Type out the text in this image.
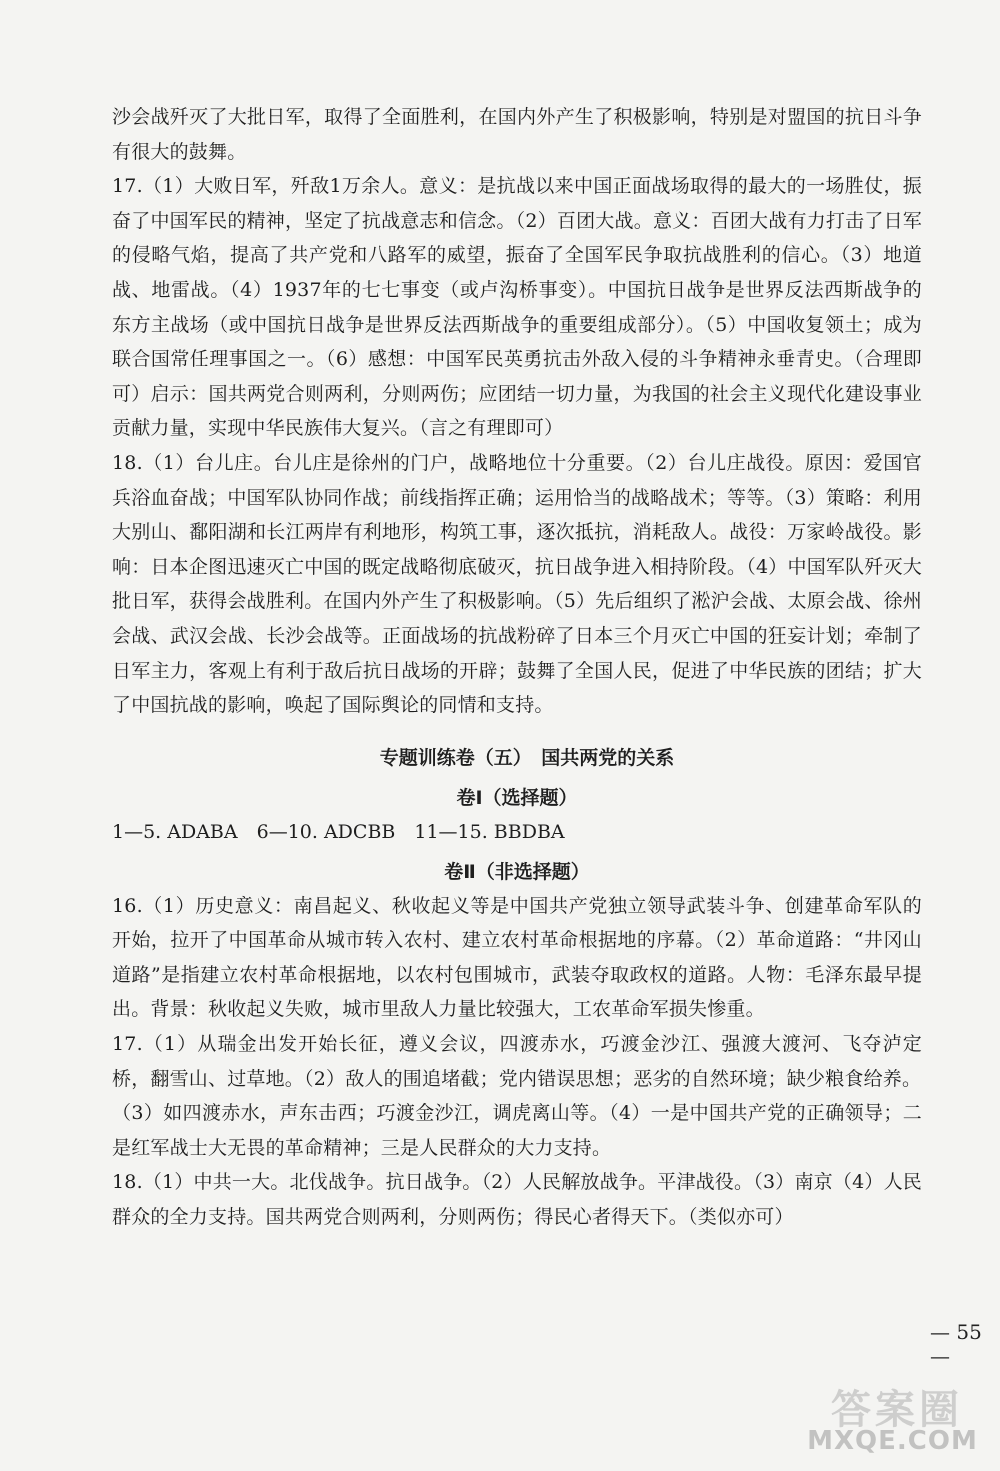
沙会战歼灭了大批日军，取得了全面胜利，在国内外产生了积极影响，特别是对盟国的抗日斗争有很大的鼓舞。

17.（1）大败日军，歼敌1万余人。意义：是抗战以来中国正面战场取得的最大的一场胜仗，振奋了中国军民的精神，坚定了抗战意志和信念。（2）百团大战。意义：百团大战有力打击了日军的侵略气焰，提高了共产党和八路军的威望，振奋了全国军民争取抗战胜利的信心。（3）地道战、地雷战。（4）1937年的七七事变（或卢沟桥事变）。中国抗日战争是世界反法西斯战争的东方主战场（或中国抗日战争是世界反法西斯战争的重要组成部分）。（5）中国收复领土；成为联合国常任理事国之一。（6）感想：中国军民英勇抗击外敌入侵的斗争精神永垂青史。（合理即可）启示：国共两党合则两利，分则两伤；应团结一切力量，为我国的社会主义现代化建设事业贡献力量，实现中华民族伟大复兴。（言之有理即可）

18.（1）台儿庄。台儿庄是徐州的门户，战略地位十分重要。（2）台儿庄战役。原因：爱国官兵浴血奋战；中国军队协同作战；前线指挥正确；运用恰当的战略战术；等等。（3）策略：利用大别山、鄱阳湖和长江两岸有利地形，构筑工事，逐次抵抗，消耗敌人。战役：万家岭战役。影响：日本企图迅速灭亡中国的既定战略彻底破灭，抗日战争进入相持阶段。（4）中国军队歼灭大批日军，获得会战胜利。在国内外产生了积极影响。（5）先后组织了淞沪会战、太原会战、徐州会战、武汉会战、长沙会战等。正面战场的抗战粉碎了日本三个月灭亡中国的狂妄计划；牵制了日军主力，客观上有利于敌后抗日战场的开辟；鼓舞了全国人民，促进了中华民族的团结；扩大了中国抗战的影响，唤起了国际舆论的同情和支持。

专题训练卷（五）　国共两党的关系
卷Ⅰ（选择题）

1—5. ADABA　6—10. ADCBB　11—15. BBDBA

卷Ⅱ（非选择题）

16.（1）历史意义：南昌起义、秋收起义等是中国共产党独立领导武装斗争、创建革命军队的开始，拉开了中国革命从城市转入农村、建立农村革命根据地的序幕。（2）革命道路：“井冈山道路”是指建立农村革命根据地，以农村包围城市，武装夺取政权的道路。人物：毛泽东最早提出。背景：秋收起义失败，城市里敌人力量比较强大，工农革命军损失惨重。

17.（1）从瑞金出发开始长征，遵义会议，四渡赤水，巧渡金沙江、强渡大渡河、飞夺泸定桥，翻雪山、过草地。（2）敌人的围追堵截；党内错误思想；恶劣的自然环境；缺少粮食给养。

（3）如四渡赤水，声东击西；巧渡金沙江，调虎离山等。（4）一是中国共产党的正确领导；二是红军战士大无畏的革命精神；三是人民群众的大力支持。

18.（1）中共一大。北伐战争。抗日战争。（2）人民解放战争。平津战役。（3）南京（4）人民群众的全力支持。国共两党合则两利，分则两伤；得民心者得天下。（类似亦可）

— 55 —
答案圈
MXQE.COM
